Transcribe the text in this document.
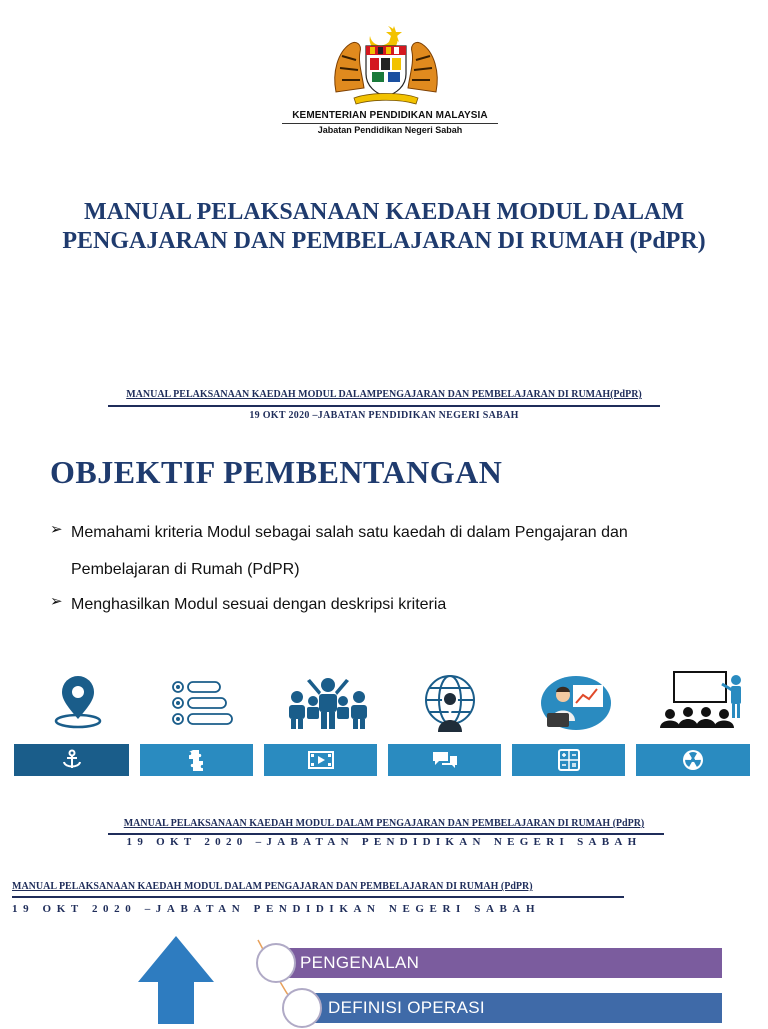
KEMENTERIAN PENDIDIKAN MALAYSIA
Jabatan Pendidikan Negeri Sabah
MANUAL PELAKSANAAN KAEDAH MODUL DALAM PENGAJARAN DAN PEMBELAJARAN DI RUMAH (PdPR)
MANUAL PELAKSANAAN KAEDAH MODUL DALAMPENGAJARAN DAN PEMBELAJARAN DI RUMAH(PdPR)
19 OKT 2020 –JABATAN PENDIDIKAN NEGERI SABAH
OBJEKTIF PEMBENTANGAN
➢ Memahami kriteria Modul sebagai salah satu kaedah di dalam Pengajaran dan Pembelajaran di Rumah (PdPR)
➢ Menghasilkan Modul sesuai dengan deskripsi kriteria
MANUAL PELAKSANAAN KAEDAH MODUL DALAM PENGAJARAN DAN PEMBELAJARAN DI RUMAH (PdPR)
19 OKT 2020 –JABATAN PENDIDIKAN NEGERI SABAH
MANUAL PELAKSANAAN KAEDAH MODUL DALAM PENGAJARAN DAN PEMBELAJARAN DI RUMAH (PdPR)
19 OKT 2020 –JABATAN PENDIDIKAN NEGERI SABAH
PENGENALAN
DEFINISI OPERASI
